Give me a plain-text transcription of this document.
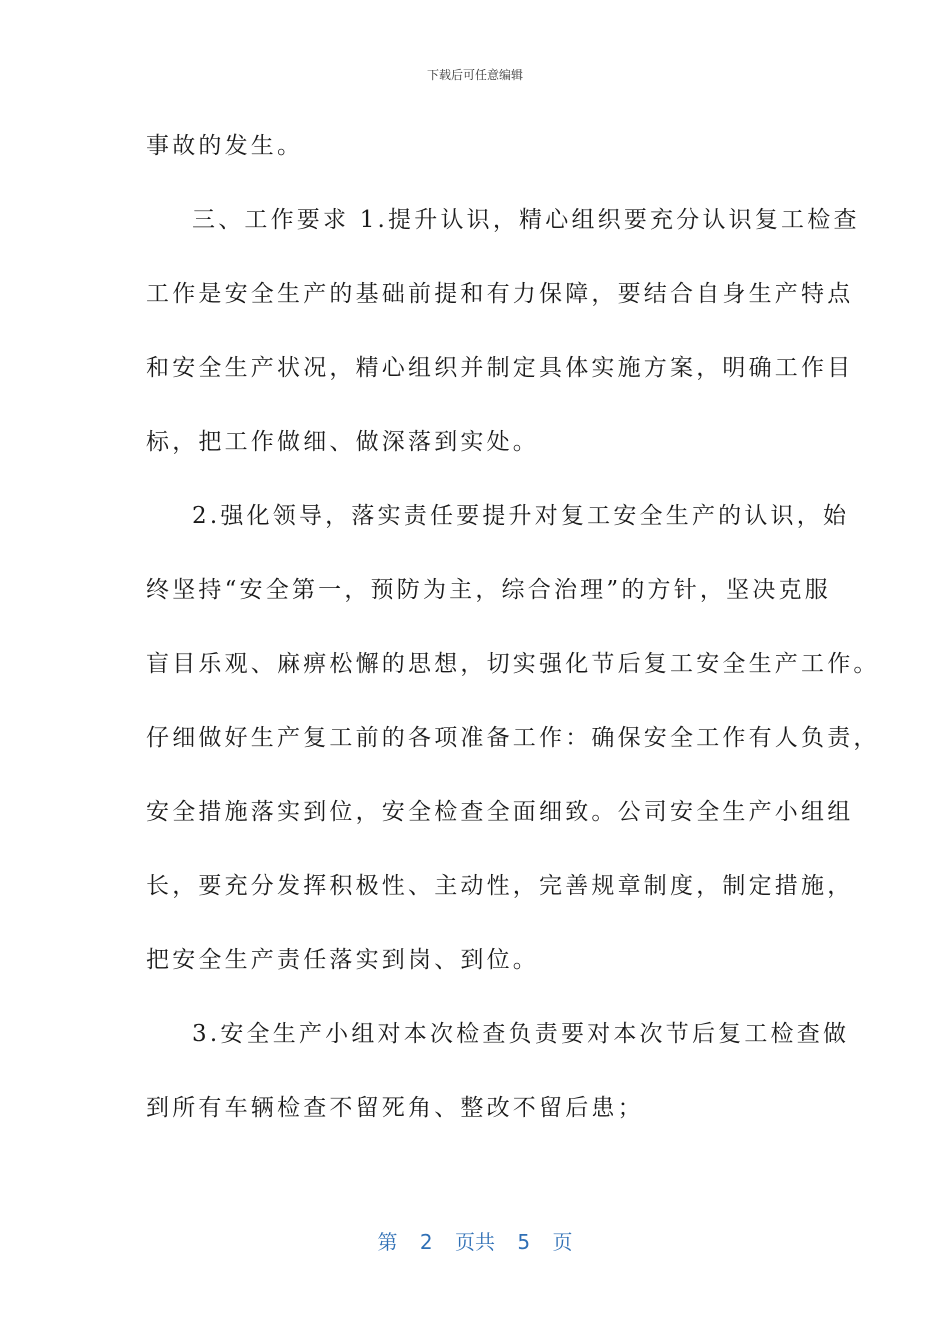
下载后可任意编辑
事故的发生。
三、工作要求 1.提升认识，精心组织要充分认识复工检查
工作是安全生产的基础前提和有力保障，要结合自身生产特点
和安全生产状况，精心组织并制定具体实施方案，明确工作目
标，把工作做细、做深落到实处。
2.强化领导，落实责任要提升对复工安全生产的认识，始
终坚持“安全第一，预防为主，综合治理”的方针，坚决克服
盲目乐观、麻痹松懈的思想，切实强化节后复工安全生产工作。
仔细做好生产复工前的各项准备工作：确保安全工作有人负责，
安全措施落实到位，安全检查全面细致。公司安全生产小组组
长，要充分发挥积极性、主动性，完善规章制度，制定措施，
把安全生产责任落实到岗、到位。
3.安全生产小组对本次检查负责要对本次节后复工检查做
到所有车辆检查不留死角、整改不留后患；
第 2 页共 5 页
